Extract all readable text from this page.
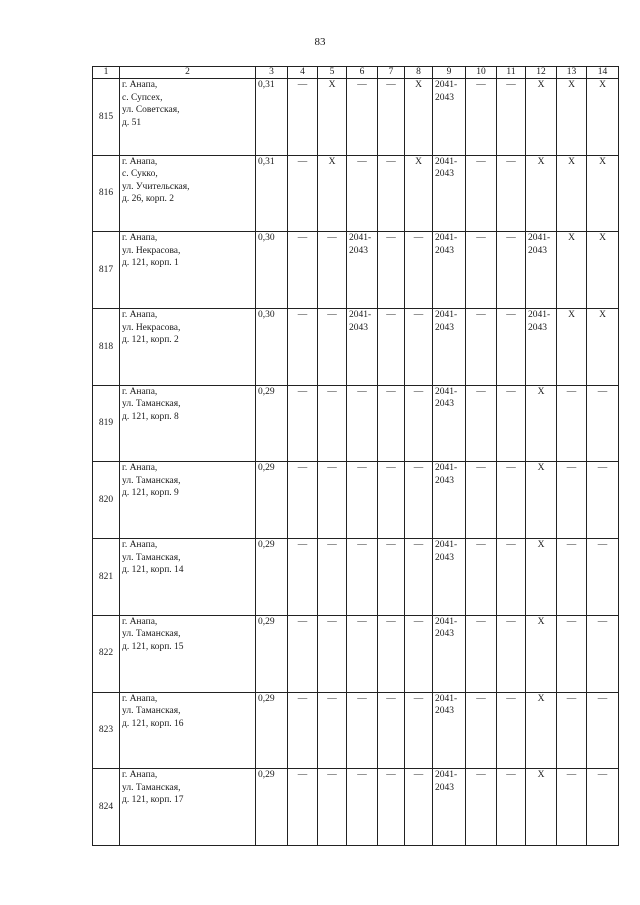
83
1	2	3	4	5	6	7	8	9	10	11	12	13	14
815	г. Анапа,
с. Супсех,
ул. Советская,
д. 51	0,31	—	X	—	—	X	2041-
2043	—	—	X	X	X
816	г. Анапа,
с. Сукко,
ул. Учительская,
д. 26, корп. 2	0,31	—	X	—	—	X	2041-
2043	—	—	X	X	X
817	г. Анапа,
ул. Некрасова,
д. 121, корп. 1	0,30	—	—	2041-
2043	—	—	2041-
2043	—	—	2041-
2043	X	X
818	г. Анапа,
ул. Некрасова,
д. 121, корп. 2	0,30	—	—	2041-
2043	—	—	2041-
2043	—	—	2041-
2043	X	X
819	г. Анапа,
ул. Таманская,
д. 121, корп. 8	0,29	—	—	—	—	—	2041-
2043	—	—	X	—	—
820	г. Анапа,
ул. Таманская,
д. 121, корп. 9	0,29	—	—	—	—	—	2041-
2043	—	—	X	—	—
821	г. Анапа,
ул. Таманская,
д. 121, корп. 14	0,29	—	—	—	—	—	2041-
2043	—	—	X	—	—
822	г. Анапа,
ул. Таманская,
д. 121, корп. 15	0,29	—	—	—	—	—	2041-
2043	—	—	X	—	—
823	г. Анапа,
ул. Таманская,
д. 121, корп. 16	0,29	—	—	—	—	—	2041-
2043	—	—	X	—	—
824	г. Анапа,
ул. Таманская,
д. 121, корп. 17	0,29	—	—	—	—	—	2041-
2043	—	—	X	—	—
